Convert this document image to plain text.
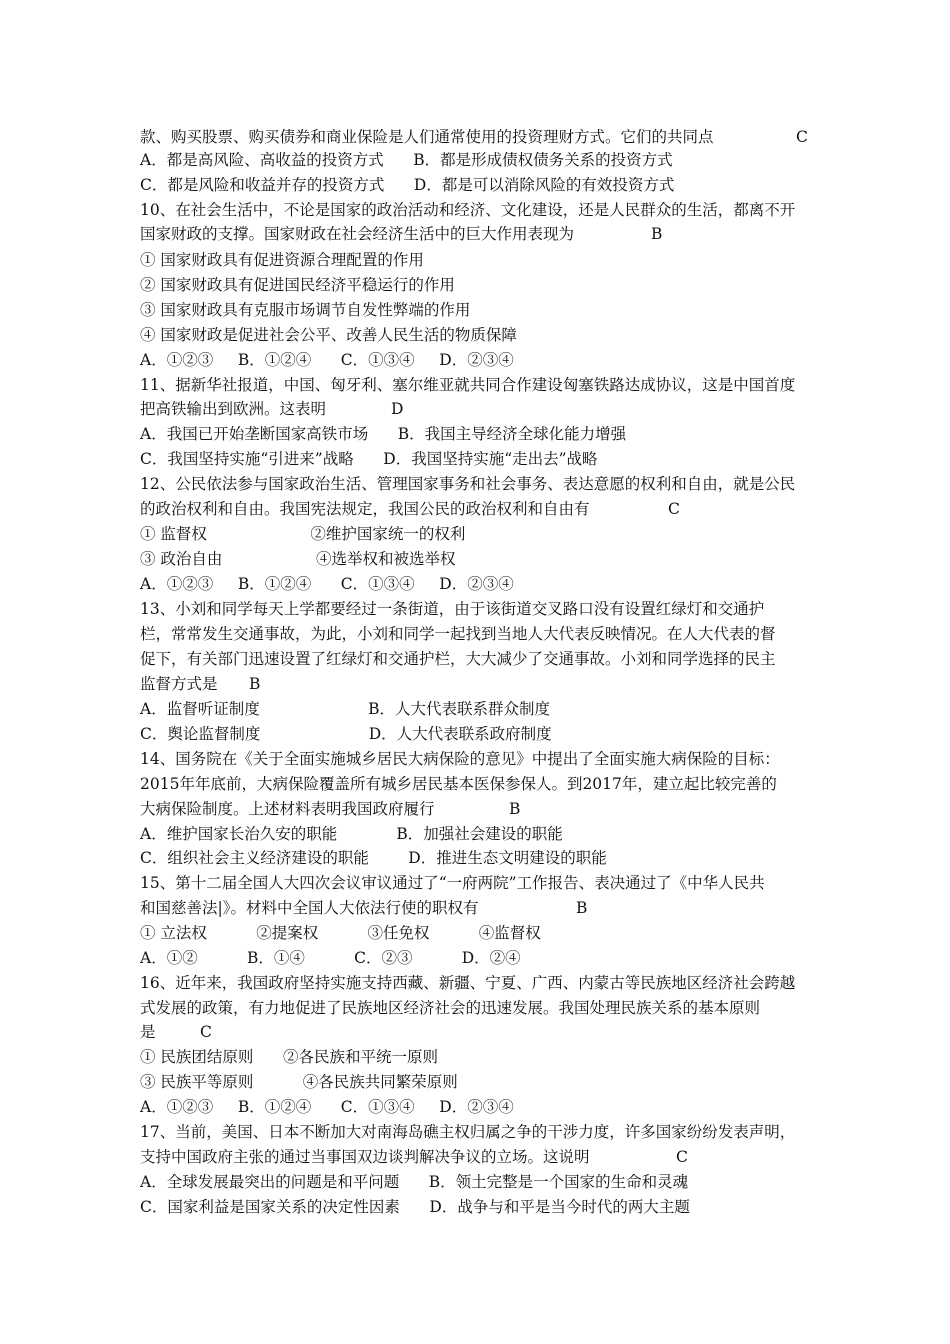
款、购买股票、购买债券和商业保险是人们通常使用的投资理财方式。它们的共同点	C
A．都是高风险、高收益的投资方式      B．都是形成债权债务关系的投资方式
C．都是风险和收益并存的投资方式      D．都是可以消除风险的有效投资方式
10、在社会生活中，不论是国家的政治活动和经济、文化建设，还是人民群众的生活，都离不开
国家财政的支撑。国家财政在社会经济生活中的巨大作用表现为	B
① 国家财政具有促进资源合理配置的作用
② 国家财政具有促进国民经济平稳运行的作用
③ 国家财政具有克服市场调节自发性弊端的作用
④ 国家财政是促进社会公平、改善人民生活的物质保障
A．①②③     B．①②④      C．①③④     D．②③④
11、据新华社报道，中国、匈牙利、塞尔维亚就共同合作建设匈塞铁路达成协议，这是中国首度
把高铁输出到欧洲。这表明	D
A．我国已开始垄断国家高铁市场      B．我国主导经济全球化能力增强
C．我国坚持实施“引进来”战略      D．我国坚持实施“走出去”战略
12、公民依法参与国家政治生活、管理国家事务和社会事务、表达意愿的权利和自由，就是公民
的政治权利和自由。我国宪法规定，我国公民的政治权利和自由有	C
① 监督权                     ②维护国家统一的权利
③ 政治自由                   ④选举权和被选举权
A．①②③     B．①②④      C．①③④     D．②③④
13、小刘和同学每天上学都要经过一条街道，由于该街道交叉路口没有设置红绿灯和交通护
栏，常常发生交通事故，为此，小刘和同学一起找到当地人大代表反映情况。在人大代表的督
促下，有关部门迅速设置了红绿灯和交通护栏，大大减少了交通事故。小刘和同学选择的民主
监督方式是 B
A．监督听证制度                      B．人大代表联系群众制度
C．舆论监督制度                      D．人大代表联系政府制度
14、国务院在《关于全面实施城乡居民大病保险的意见》中提出了全面实施大病保险的目标：
2015年年底前，大病保险覆盖所有城乡居民基本医保参保人。到2017年，建立起比较完善的
大病保险制度。上述材料表明我国政府履行	B
A．维护国家长治久安的职能            B．加强社会建设的职能
C．组织社会主义经济建设的职能        D．推进生态文明建设的职能
15、第十二届全国人大四次会议审议通过了“一府两院”工作报告、表决通过了《中华人民共
和国慈善法|》。材料中全国人大依法行使的职权有	B
① 立法权          ②提案权          ③任免权          ④监督权
A．①②          B．①④          C．②③          D．②④
16、近年来，我国政府坚持实施支持西藏、新疆、宁夏、广西、内蒙古等民族地区经济社会跨越
式发展的政策，有力地促进了民族地区经济社会的迅速发展。我国处理民族关系的基本原则
是	C
① 民族团结原则      ②各民族和平统一原则
③ 民族平等原则          ④各民族共同繁荣原则
A．①②③     B．①②④      C．①③④     D．②③④
17、当前，美国、日本不断加大对南海岛礁主权归属之争的干涉力度，许多国家纷纷发表声明，
支持中国政府主张的通过当事国双边谈判解决争议的立场。这说明	C
A．全球发展最突出的问题是和平问题      B．领土完整是一个国家的生命和灵魂
C．国家利益是国家关系的决定性因素      D．战争与和平是当今时代的两大主题
